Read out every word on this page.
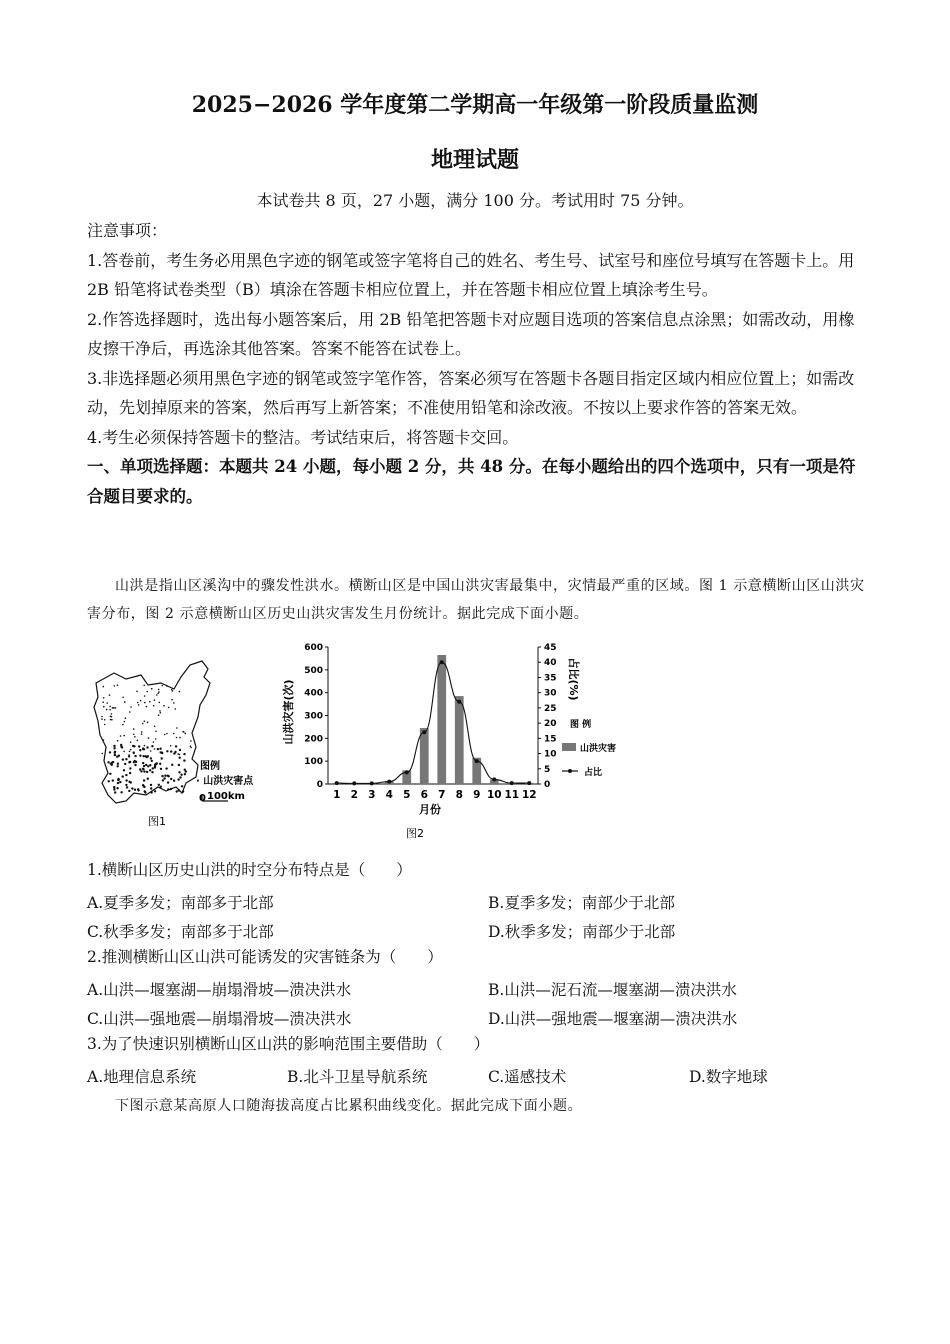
2025−2026 学年度第二学期高一年级第一阶段质量监测
地理试题
本试卷共 8 页，27 小题，满分 100 分。考试用时 75 分钟。
注意事项：
1.答卷前，考生务必用黑色字迹的钢笔或签字笔将自己的姓名、考生号、试室号和座位号填写在答题卡上。用 2B 铅笔将试卷类型（B）填涂在答题卡相应位置上，并在答题卡相应位置上填涂考生号。
2.作答选择题时，选出每小题答案后，用 2B 铅笔把答题卡对应题目选项的答案信息点涂黑；如需改动，用橡皮擦干净后，再选涂其他答案。答案不能答在试卷上。
3.非选择题必须用黑色字迹的钢笔或签字笔作答，答案必须写在答题卡各题目指定区域内相应位置上；如需改动，先划掉原来的答案，然后再写上新答案；不准使用铅笔和涂改液。不按以上要求作答的答案无效。
4.考生必须保持答题卡的整洁。考试结束后，将答题卡交回。
一、单项选择题：本题共 24 小题，每小题 2 分，共 48 分。在每小题给出的四个选项中，只有一项是符合题目要求的。
山洪是指山区溪沟中的骤发性洪水。横断山区是中国山洪灾害最集中，灾情最严重的区域。图 1 示意横断山区山洪灾害分布，图 2 示意横断山区历史山洪灾害发生月份统计。据此完成下面小题。
图例
· 山洪灾害点
0 100km
图1
0
100
200
300
400
500
600
0
5
10
15
20
25
30
35
40
45
1 2 3 4 5 6 7 8 9 10 11 12
山洪灾害(次)
占比(%)
月份
图 例
山洪灾害
占比
图2
1.横断山区历史山洪的时空分布特点是（　　）
A.夏季多发；南部多于北部	B.夏季多发；南部少于北部
C.秋季多发；南部多于北部	D.秋季多发；南部少于北部
2.推测横断山区山洪可能诱发的灾害链条为（　　）
A.山洪—堰塞湖—崩塌滑坡—溃决洪水	B.山洪—泥石流—堰塞湖—溃决洪水
C.山洪—强地震—崩塌滑坡—溃决洪水	D.山洪—强地震—堰塞湖—溃决洪水
3.为了快速识别横断山区山洪的影响范围主要借助（　　）
A.地理信息系统	B.北斗卫星导航系统	C.遥感技术	D.数字地球
下图示意某高原人口随海拔高度占比累积曲线变化。据此完成下面小题。
